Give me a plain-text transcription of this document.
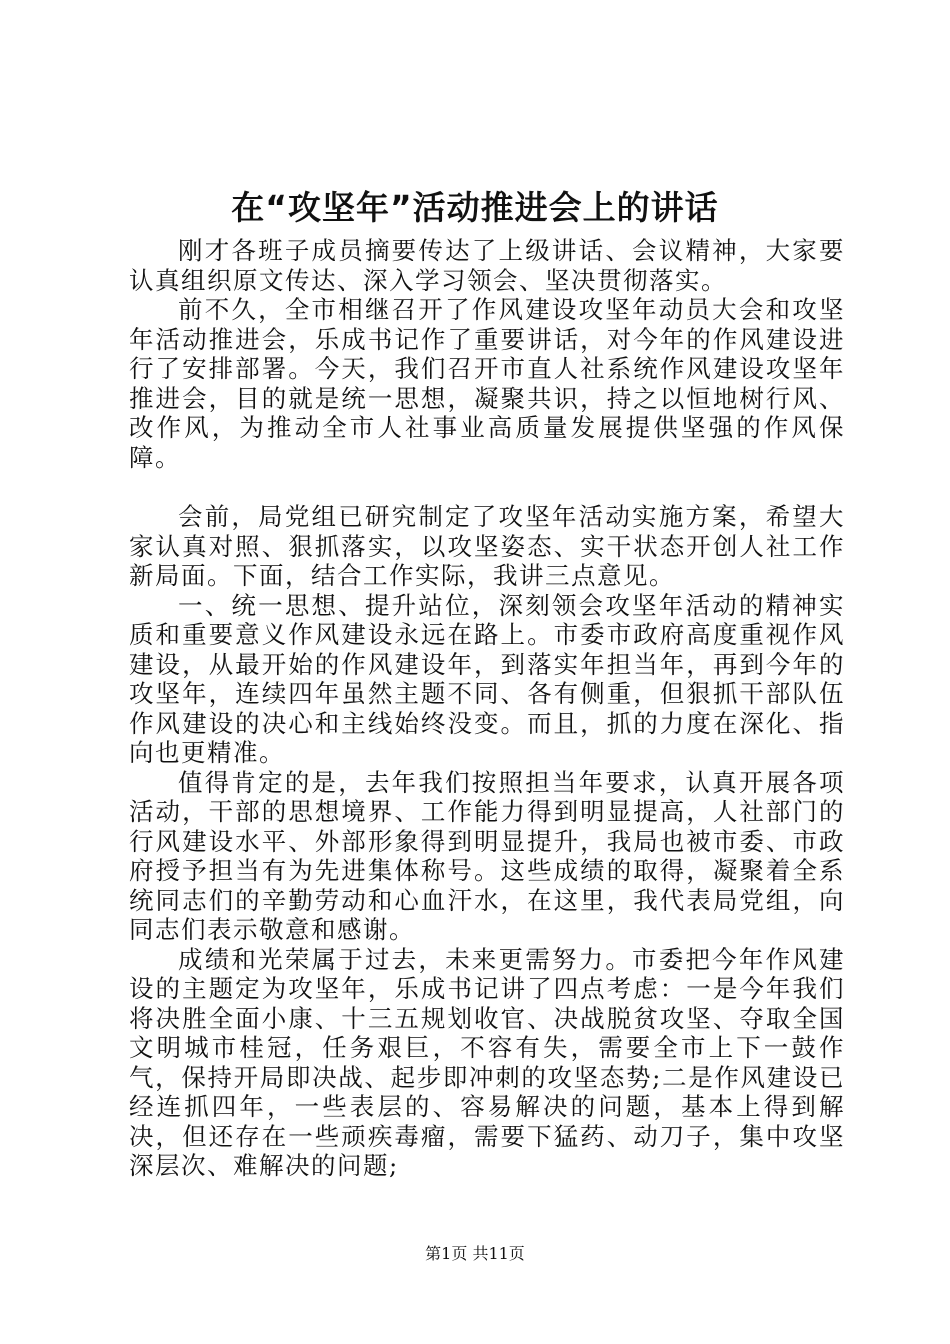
在“攻坚年”活动推进会上的讲话

刚才各班子成员摘要传达了上级讲话、会议精神，大家要认真组织原文传达、深入学习领会、坚决贯彻落实。

前不久，全市相继召开了作风建设攻坚年动员大会和攻坚年活动推进会，乐成书记作了重要讲话，对今年的作风建设进行了安排部署。今天，我们召开市直人社系统作风建设攻坚年推进会，目的就是统一思想，凝聚共识，持之以恒地树行风、改作风，为推动全市人社事业高质量发展提供坚强的作风保障。

会前，局党组已研究制定了攻坚年活动实施方案，希望大家认真对照、狠抓落实，以攻坚姿态、实干状态开创人社工作新局面。下面，结合工作实际，我讲三点意见。

一、统一思想、提升站位，深刻领会攻坚年活动的精神实质和重要意义作风建设永远在路上。市委市政府高度重视作风建设，从最开始的作风建设年，到落实年担当年，再到今年的攻坚年，连续四年虽然主题不同、各有侧重，但狠抓干部队伍作风建设的决心和主线始终没变。而且，抓的力度在深化、指向也更精准。

值得肯定的是，去年我们按照担当年要求，认真开展各项活动，干部的思想境界、工作能力得到明显提高，人社部门的行风建设水平、外部形象得到明显提升，我局也被市委、市政府授予担当有为先进集体称号。这些成绩的取得，凝聚着全系统同志们的辛勤劳动和心血汗水，在这里，我代表局党组，向同志们表示敬意和感谢。

成绩和光荣属于过去，未来更需努力。市委把今年作风建设的主题定为攻坚年，乐成书记讲了四点考虑：一是今年我们将决胜全面小康、十三五规划收官、决战脱贫攻坚、夺取全国文明城市桂冠，任务艰巨，不容有失，需要全市上下一鼓作气，保持开局即决战、起步即冲刺的攻坚态势;二是作风建设已经连抓四年，一些表层的、容易解决的问题，基本上得到解决，但还存在一些顽疾毒瘤，需要下猛药、动刀子，集中攻坚深层次、难解决的问题;

第1页 共11页
